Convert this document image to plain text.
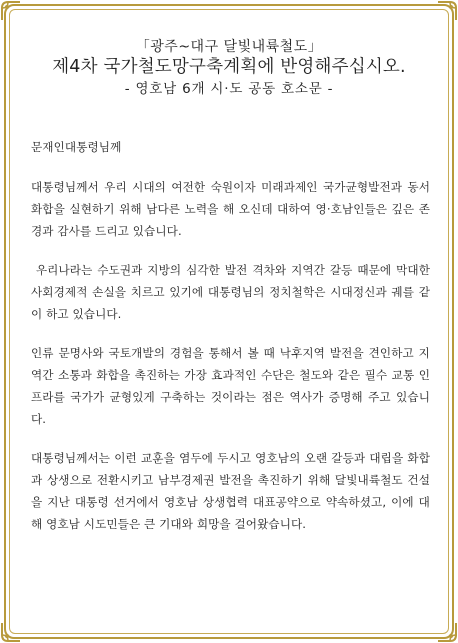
「광주~대구 달빛내륙철도」
제4차 국가철도망구축계획에 반영해주십시오.
- 영호남 6개 시·도 공동 호소문 -
문재인대통령님께
대통령님께서 우리 시대의 여전한 숙원이자 미래과제인 국가균형발전과 동서화합을 실현하기 위해 남다른 노력을 해 오신데 대하여 영·호남인들은 깊은 존경과 감사를 드리고 있습니다.
우리나라는 수도권과 지방의 심각한 발전 격차와 지역간 갈등 때문에 막대한 사회경제적 손실을 치르고 있기에 대통령님의 정치철학은 시대정신과 궤를 같이 하고 있습니다.
인류 문명사와 국토개발의 경험을 통해서 볼 때 낙후지역 발전을 견인하고 지역간 소통과 화합을 촉진하는 가장 효과적인 수단은 철도와 같은 필수 교통 인프라를 국가가 균형있게 구축하는 것이라는 점은 역사가 증명해 주고 있습니다.
대통령님께서는 이런 교훈을 염두에 두시고 영호남의 오랜 갈등과 대립을 화합과 상생으로 전환시키고 남부경제권 발전을 촉진하기 위해 달빛내륙철도 건설을 지난 대통령 선거에서 영호남 상생협력 대표공약으로 약속하셨고, 이에 대해 영호남 시도민들은 큰 기대와 희망을 걸어왔습니다.
